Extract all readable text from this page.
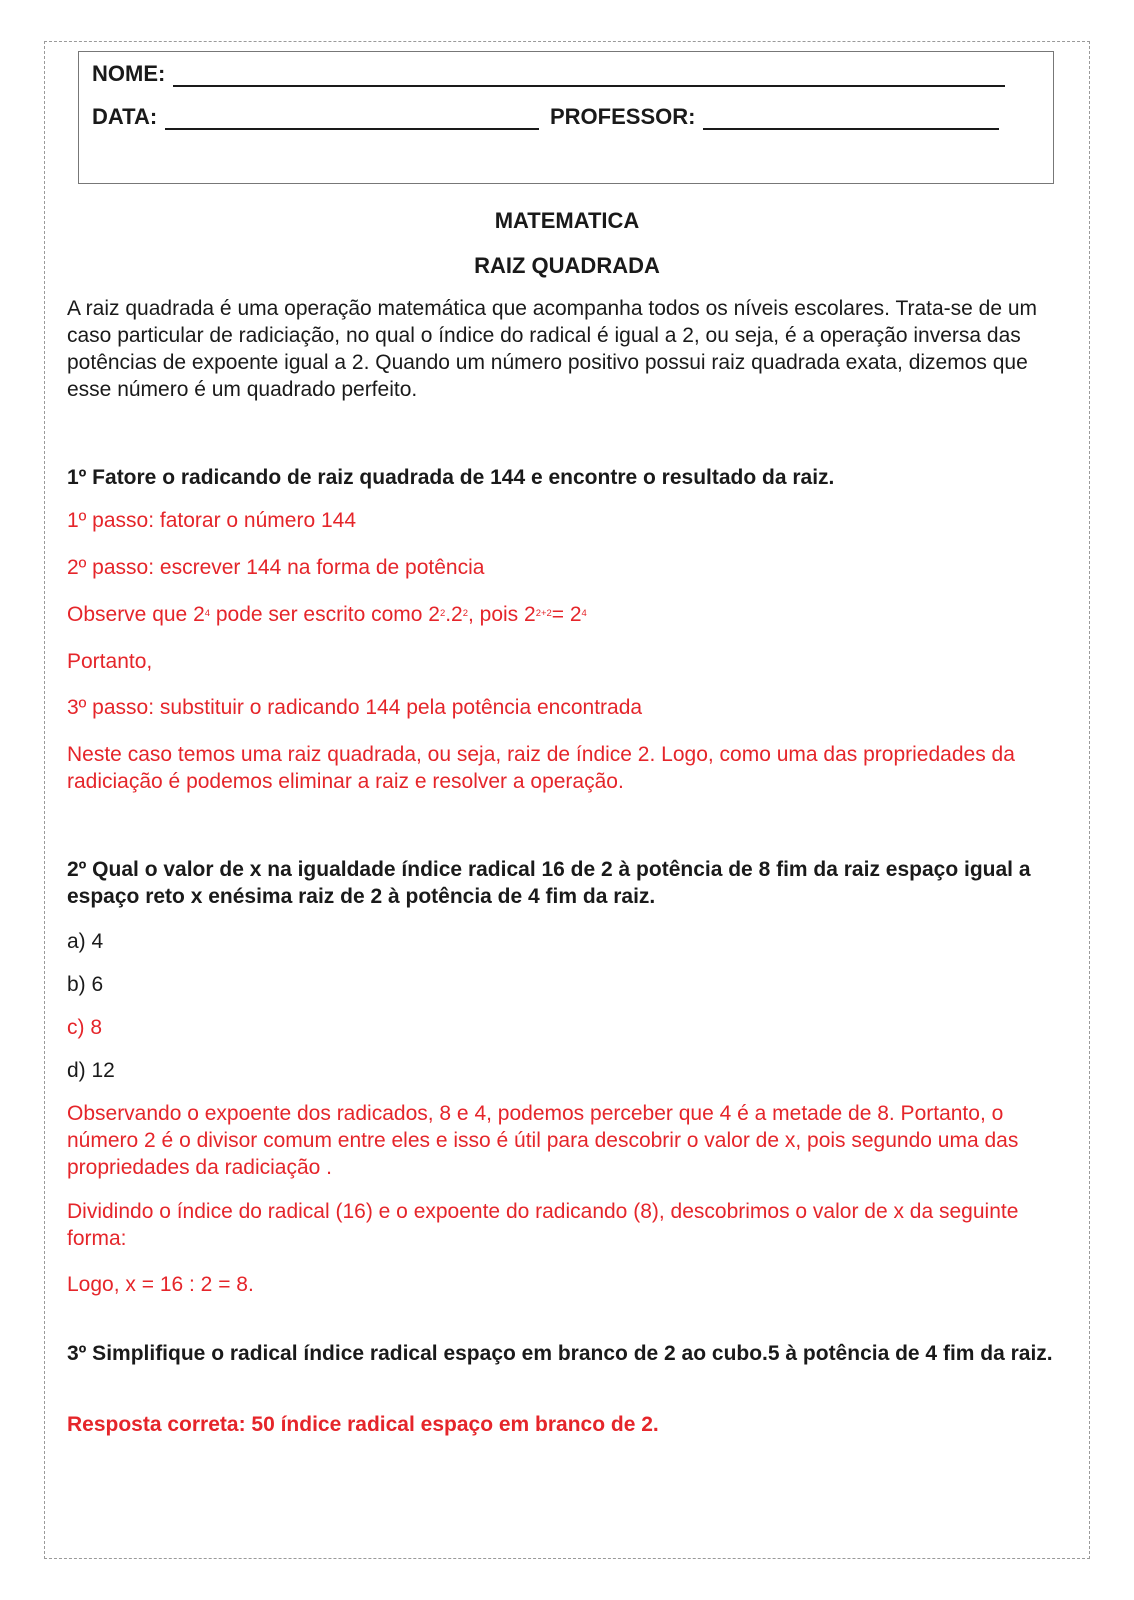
NOME:
DATA:	PROFESSOR:
MATEMATICA
RAIZ QUADRADA

A raiz quadrada é uma operação matemática que acompanha todos os níveis escolares. Trata-se de um caso particular de radiciação, no qual o índice do radical é igual a 2, ou seja, é a operação inversa das potências de expoente igual a 2. Quando um número positivo possui raiz quadrada exata, dizemos que esse número é um quadrado perfeito.

1º Fatore o radicando de raiz quadrada de 144 e encontre o resultado da raiz.

1º passo: fatorar o número 144

2º passo: escrever 144 na forma de potência

Observe que $2^4$ pode ser escrito como $2^2.2^2$, pois $2^{2+2}= 2^4$

Portanto,

3º passo: substituir o radicando 144 pela potência encontrada

Neste caso temos uma raiz quadrada, ou seja, raiz de índice 2. Logo, como uma das propriedades da radiciação é podemos eliminar a raiz e resolver a operação.

2º Qual o valor de x na igualdade índice radical 16 de 2 à potência de 8 fim da raiz espaço igual a espaço reto x enésima raiz de 2 à potência de 4 fim da raiz.

a) 4

b) 6

c) 8

d) 12

Observando o expoente dos radicados, 8 e 4, podemos perceber que 4 é a metade de 8. Portanto, o número 2 é o divisor comum entre eles e isso é útil para descobrir o valor de x, pois segundo uma das propriedades da radiciação .

Dividindo o índice do radical (16) e o expoente do radicando (8), descobrimos o valor de x da seguinte forma:

Logo, x = 16 : 2 = 8.

3º Simplifique o radical índice radical espaço em branco de 2 ao cubo.5 à potência de 4 fim da raiz.

Resposta correta: 50 índice radical espaço em branco de 2.
